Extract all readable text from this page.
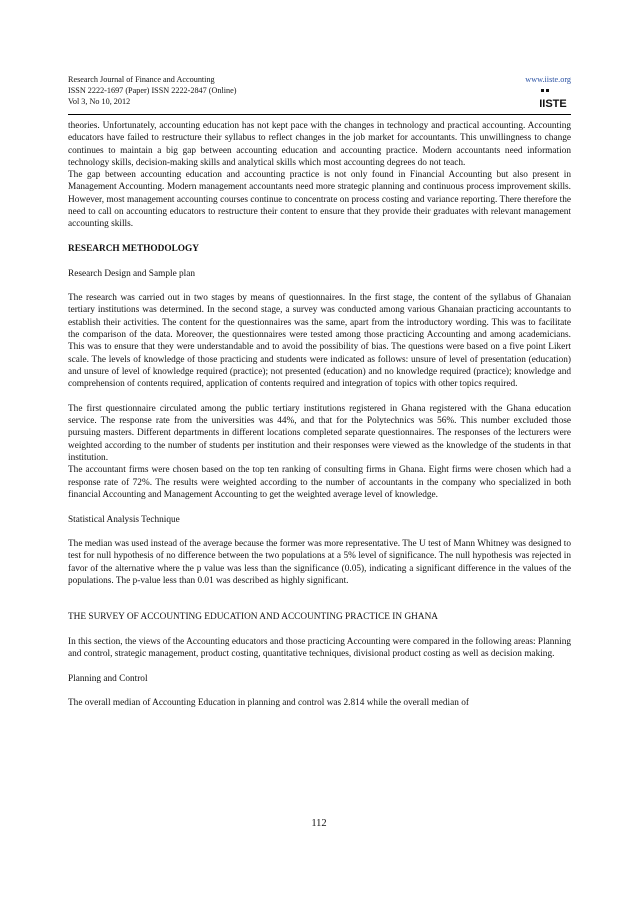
Research Journal of Finance and Accounting
ISSN 2222-1697 (Paper) ISSN 2222-2847 (Online)
Vol 3, No 10, 2012
www.iiste.org
IISTE

theories. Unfortunately, accounting education has not kept pace with the changes in technology and practical accounting. Accounting educators have failed to restructure their syllabus to reflect changes in the job market for accountants. This unwillingness to change continues to maintain a big gap between accounting education and accounting practice. Modern accountants need information technology skills, decision-making skills and analytical skills which most accounting degrees do not teach.

The gap between accounting education and accounting practice is not only found in Financial Accounting but also present in Management Accounting. Modern management accountants need more strategic planning and continuous process improvement skills. However, most management accounting courses continue to concentrate on process costing and variance reporting. There therefore the need to call on accounting educators to restructure their content to ensure that they provide their graduates with relevant management accounting skills.

RESEARCH METHODOLOGY

Research Design and Sample plan

The research was carried out in two stages by means of questionnaires. In the first stage, the content of the syllabus of Ghanaian tertiary institutions was determined. In the second stage, a survey was conducted among various Ghanaian practicing accountants to establish their activities. The content for the questionnaires was the same, apart from the introductory wording. This was to facilitate the comparison of the data. Moreover, the questionnaires were tested among those practicing Accounting and among academicians. This was to ensure that they were understandable and to avoid the possibility of bias. The questions were based on a five point Likert scale. The levels of knowledge of those practicing and students were indicated as follows: unsure of level of presentation (education) and unsure of level of knowledge required (practice); not presented (education) and no knowledge required (practice); knowledge and comprehension of contents required, application of contents required and integration of topics with other topics required.

The first questionnaire circulated among the public tertiary institutions registered in Ghana registered with the Ghana education service. The response rate from the universities was 44%, and that for the Polytechnics was 56%. This number excluded those pursuing masters. Different departments in different locations completed separate questionnaires. The responses of the lecturers were weighted according to the number of students per institution and their responses were viewed as the knowledge of the students in that institution.

The accountant firms were chosen based on the top ten ranking of consulting firms in Ghana. Eight firms were chosen which had a response rate of 72%. The results were weighted according to the number of accountants in the company who specialized in both financial Accounting and Management Accounting to get the weighted average level of knowledge.

Statistical Analysis Technique

The median was used instead of the average because the former was more representative. The U test of Mann Whitney was designed to test for null hypothesis of no difference between the two populations at a 5% level of significance. The null hypothesis was rejected in favor of the alternative where the p value was less than the significance (0.05), indicating a significant difference in the values of the populations. The p-value less than 0.01 was described as highly significant.

THE SURVEY OF ACCOUNTING EDUCATION AND ACCOUNTING PRACTICE IN GHANA

In this section, the views of the Accounting educators and those practicing Accounting were compared in the following areas: Planning and control, strategic management, product costing, quantitative techniques, divisional product costing as well as decision making.

Planning and Control

The overall median of Accounting Education in planning and control was 2.814 while the overall median of

112
